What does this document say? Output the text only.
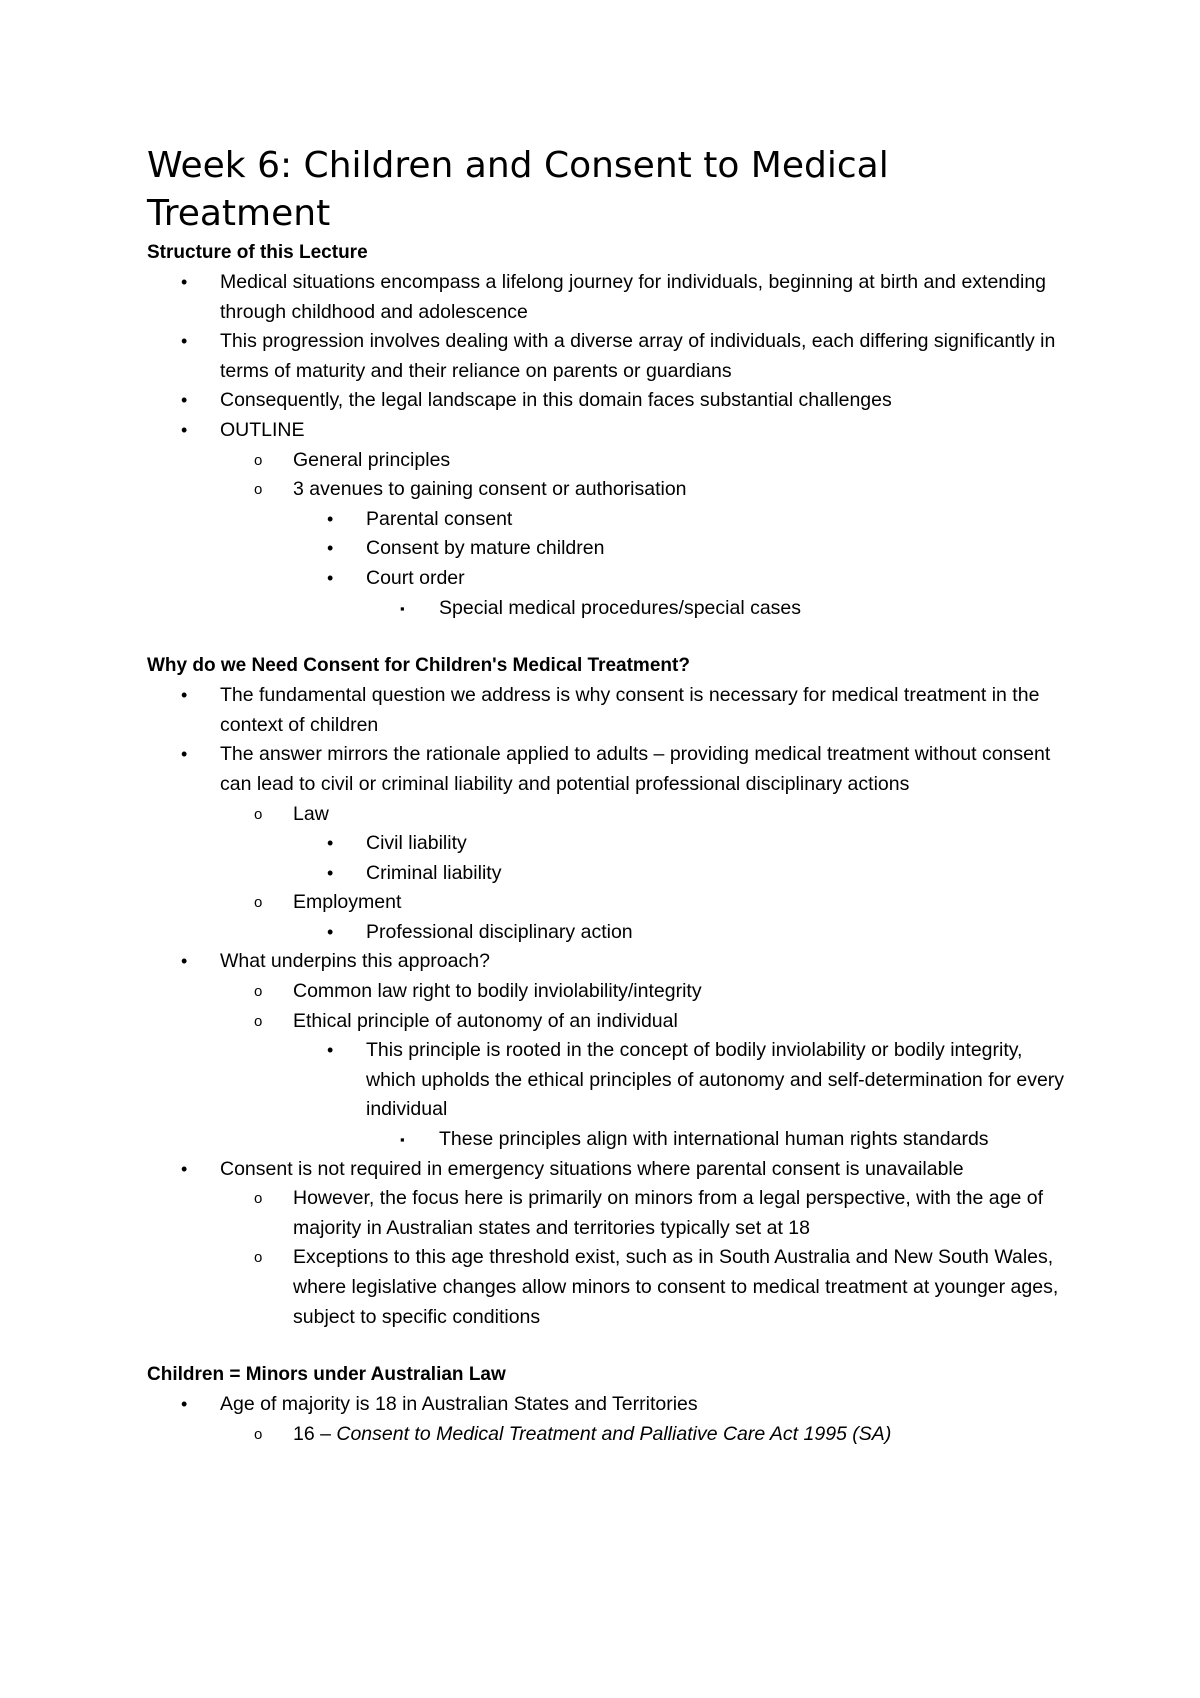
Week 6: Children and Consent to Medical Treatment

Structure of this Lecture

• Medical situations encompass a lifelong journey for individuals, beginning at birth and extending through childhood and adolescence
• This progression involves dealing with a diverse array of individuals, each differing significantly in terms of maturity and their reliance on parents or guardians
• Consequently, the legal landscape in this domain faces substantial challenges
• OUTLINE
o General principles
o 3 avenues to gaining consent or authorisation
• Parental consent
• Consent by mature children
• Court order
▪ Special medical procedures/special cases

Why do we Need Consent for Children's Medical Treatment?

• The fundamental question we address is why consent is necessary for medical treatment in the context of children
• The answer mirrors the rationale applied to adults – providing medical treatment without consent can lead to civil or criminal liability and potential professional disciplinary actions
o Law
• Civil liability
• Criminal liability
o Employment
• Professional disciplinary action
• What underpins this approach?
o Common law right to bodily inviolability/integrity
o Ethical principle of autonomy of an individual
• This principle is rooted in the concept of bodily inviolability or bodily integrity, which upholds the ethical principles of autonomy and self-determination for every individual
▪ These principles align with international human rights standards
• Consent is not required in emergency situations where parental consent is unavailable
o However, the focus here is primarily on minors from a legal perspective, with the age of majority in Australian states and territories typically set at 18
o Exceptions to this age threshold exist, such as in South Australia and New South Wales, where legislative changes allow minors to consent to medical treatment at younger ages, subject to specific conditions

Children = Minors under Australian Law

• Age of majority is 18 in Australian States and Territories
o 16 – Consent to Medical Treatment and Palliative Care Act 1995 (SA)
